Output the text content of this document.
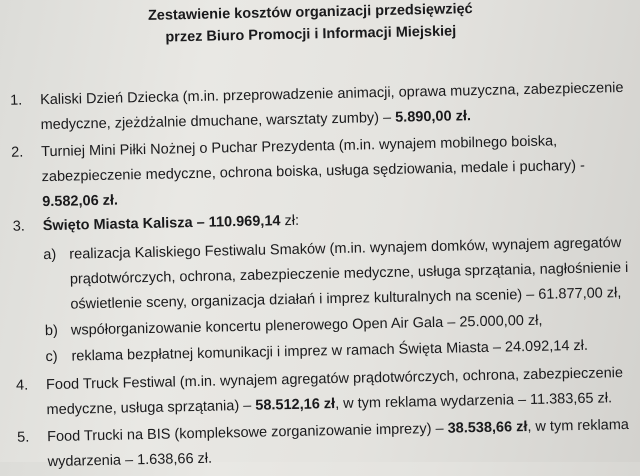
Zestawienie kosztów organizacji przedsięwzięć
przez Biuro Promocji i Informacji Miejskiej
1. Kaliski Dzień Dziecka (m.in. przeprowadzenie animacji, oprawa muzyczna, zabezpieczenie
medyczne, zjeżdżalnie dmuchane, warsztaty zumby) – 5.890,00 zł.
2. Turniej Mini Piłki Nożnej o Puchar Prezydenta (m.in. wynajem mobilnego boiska,
zabezpieczenie medyczne, ochrona boiska, usługa sędziowania, medale i puchary) -
9.582,06 zł.
3. Święto Miasta Kalisza – 110.969,14 zł:
a) realizacja Kaliskiego Festiwalu Smaków (m.in. wynajem domków, wynajem agregatów
prądotwórczych, ochrona, zabezpieczenie medyczne, usługa sprzątania, nagłośnienie i
oświetlenie sceny, organizacja działań i imprez kulturalnych na scenie) – 61.877,00 zł,
b) współorganizowanie koncertu plenerowego Open Air Gala – 25.000,00 zł,
c) reklama bezpłatnej komunikacji i imprez w ramach Święta Miasta – 24.092,14 zł.
4. Food Truck Festiwal (m.in. wynajem agregatów prądotwórczych, ochrona, zabezpieczenie
medyczne, usługa sprzątania) – 58.512,16 zł, w tym reklama wydarzenia – 11.383,65 zł.
5. Food Trucki na BIS (kompleksowe zorganizowanie imprezy) – 38.538,66 zł, w tym reklama
wydarzenia – 1.638,66 zł.
